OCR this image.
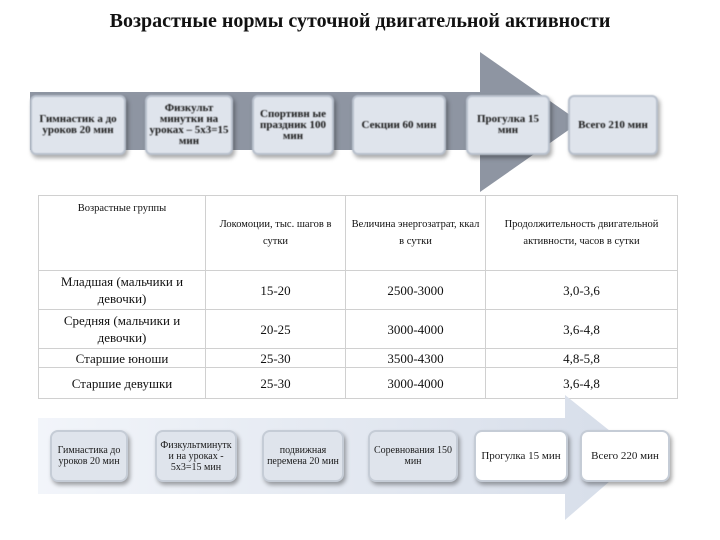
Возрастные нормы суточной двигательной активности
Гимнастик а до уроков 20 мин
Физкульт минутки на уроках – 5х3=15 мин
Спортивн ые праздник 100 мин
Секции 60 мин	Прогулка 15 мин	Всего 210 мин
Возрастные группы	Локомоции, тыс. шагов в сутки	Величина энергозатрат, ккал в сутки	Продолжительность двигательной активности, часов в сутки
Младшая (мальчики и девочки)	15-20	2500-3000	3,0-3,6
Средняя (мальчики и девочки)	20-25	3000-4000	3,6-4,8
Старшие юноши	25-30	3500-4300	4,8-5,8
Старшие девушки	25-30	3000-4000	3,6-4,8
Гимнастика до уроков 20 мин
Физкультминутк и на уроках - 5х3=15 мин
подвижная перемена 20 мин
Соревнования 150 мин	Прогулка 15 мин	Всего 220 мин
